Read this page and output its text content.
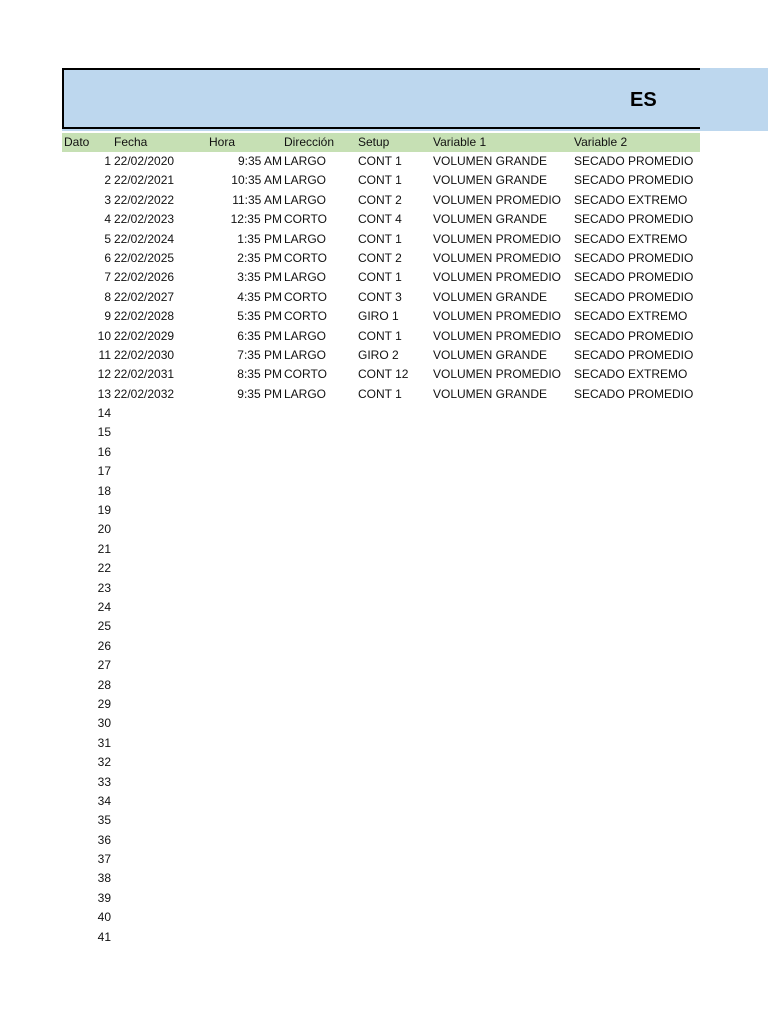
ES
Dato Fecha	Hora	Dirección Setup	Variable 1	Variable 2
1 22/02/2020	9:35 AM LARGO	CONT 1	VOLUMEN GRANDE SECADO PROMEDIO
2 22/02/2021	10:35 AM LARGO	CONT 1	VOLUMEN GRANDE SECADO PROMEDIO
3 22/02/2022	11:35 AM LARGO	CONT 2	VOLUMEN PROMEDIO SECADO EXTREMO
4 22/02/2023	12:35 PM CORTO	CONT 4	VOLUMEN GRANDE SECADO PROMEDIO
5 22/02/2024	1:35 PM LARGO	CONT 1	VOLUMEN PROMEDIO SECADO EXTREMO
6 22/02/2025	2:35 PM CORTO	CONT 2	VOLUMEN PROMEDIO SECADO PROMEDIO
7 22/02/2026	3:35 PM LARGO	CONT 1	VOLUMEN PROMEDIO SECADO PROMEDIO
8 22/02/2027	4:35 PM CORTO	CONT 3	VOLUMEN GRANDE SECADO PROMEDIO
9 22/02/2028	5:35 PM CORTO	GIRO 1	VOLUMEN PROMEDIO SECADO EXTREMO
10 22/02/2029	6:35 PM LARGO	CONT 1	VOLUMEN PROMEDIO SECADO PROMEDIO
11 22/02/2030	7:35 PM LARGO	GIRO 2	VOLUMEN GRANDE SECADO PROMEDIO
12 22/02/2031	8:35 PM CORTO	CONT 12 VOLUMEN PROMEDIO SECADO EXTREMO
13 22/02/2032	9:35 PM LARGO	CONT 1	VOLUMEN GRANDE SECADO PROMEDIO
14
15
16
17
18
19
20
21
22
23
24
25
26
27
28
29
30
31
32
33
34
35
36
37
38
39
40
41
